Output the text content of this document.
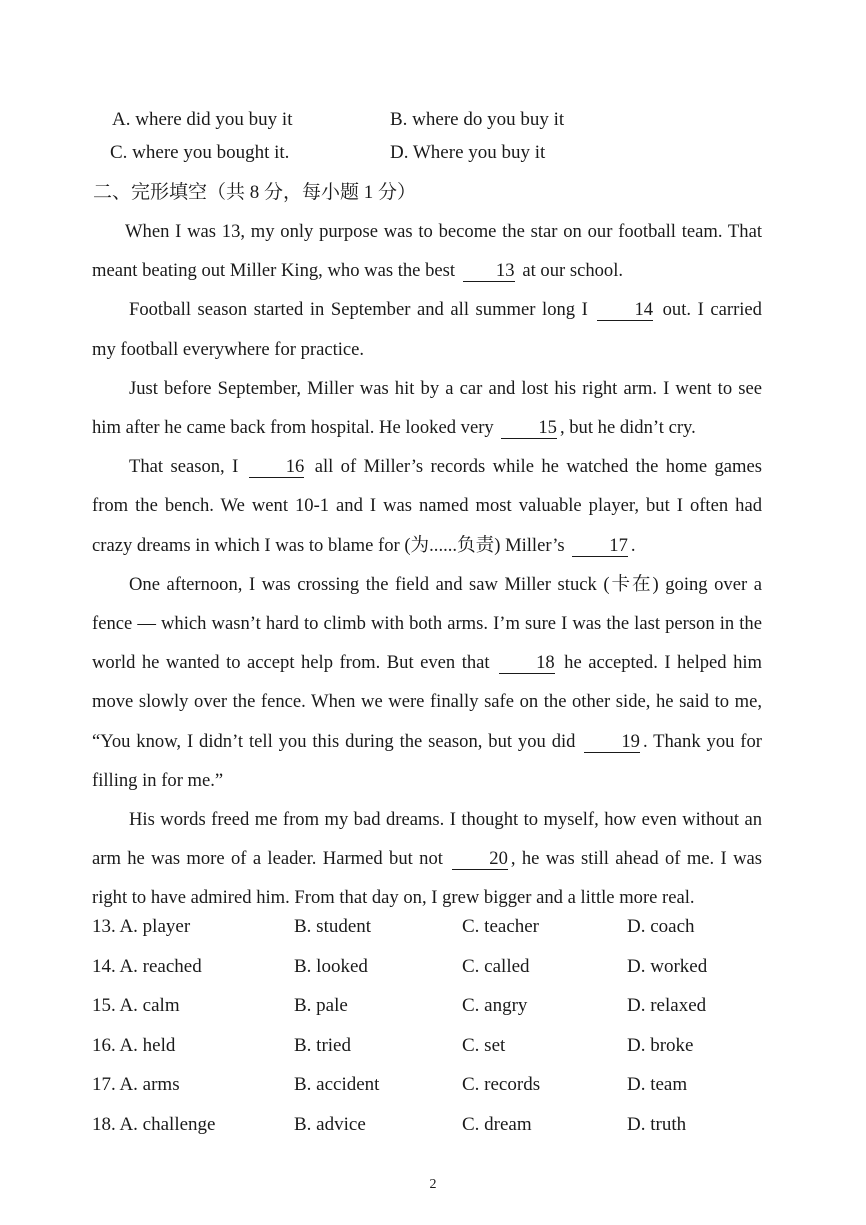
A. where did you buy it	B. where do you buy it
C. where you bought it.	D. Where you buy it
二、完形填空（共 8 分，每小题 1 分）

When I was 13, my only purpose was to become the star on our football team. That meant beating out Miller King, who was the best 13 at our school.

Football season started in September and all summer long I	14 out. I carried my football everywhere for practice.

Just before September, Miller was hit by a car and lost his right arm. I went to see him after he came back from hospital. He looked very 15 , but he didn’t cry.

That season, I	16 all of Miller’s records while he watched the home games from the bench. We went 10-1 and I was named most valuable player, but I often had crazy dreams in which I was to blame for (为......负责) Miller’s 17 .

One afternoon, I was crossing the field and saw Miller stuck (卡在) going over a fence — which wasn’t hard to climb with both arms. I’m sure I was the last person in the world he wanted to accept help from. But even that	18 he accepted. I helped him move slowly over the fence. When we were finally safe on the other side, he said to me, “You know, I didn’t tell you this during the season, but you did 19 . Thank you for filling in for me.”

His words freed me from my bad dreams. I thought to myself, how even without an arm he was more of a leader. Harmed but not 20 , he was still ahead of me. I was right to have admired him. From that day on, I grew bigger and a little more real.

13. A. player	B. student	C. teacher	D. coach
14. A. reached	B. looked	C. called	D. worked
15. A. calm	B. pale	C. angry	D. relaxed
16. A. held	B. tried	C. set	D. broke
17. A. arms	B. accident	C. records	D. team
18. A. challenge	B. advice	C. dream	D. truth
2
